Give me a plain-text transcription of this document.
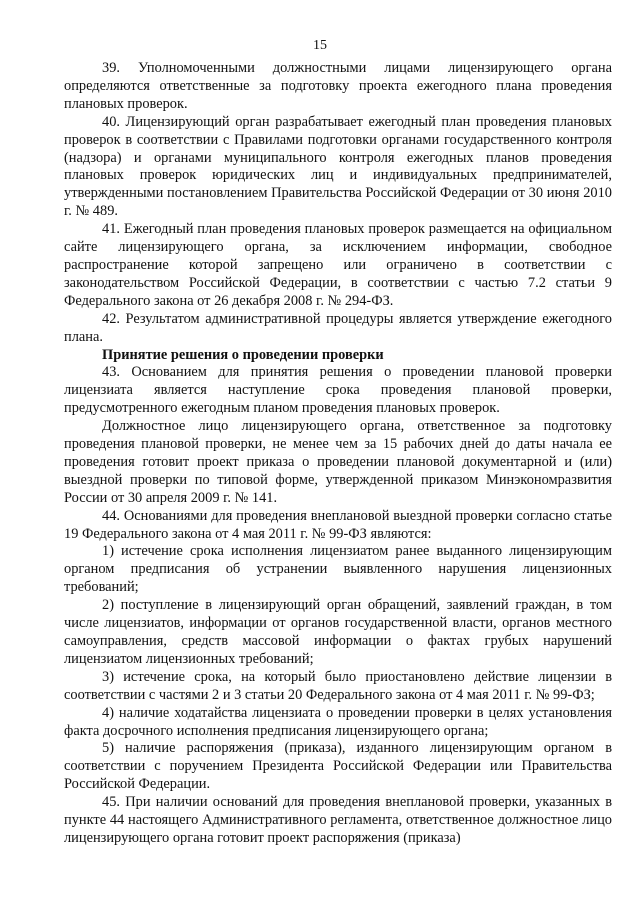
15

39. Уполномоченными должностными лицами лицензирующего органа определяются ответственные за подготовку проекта ежегодного плана проведения плановых проверок.

40. Лицензирующий орган разрабатывает ежегодный план проведения плановых проверок в соответствии с Правилами подготовки органами государственного контроля (надзора) и органами муниципального контроля ежегодных планов проведения плановых проверок юридических лиц и индивидуальных предпринимателей, утвержденными постановлением Правительства Российской Федерации от 30 июня 2010 г. № 489.

41. Ежегодный план проведения плановых проверок размещается на официальном сайте лицензирующего органа, за исключением информации, свободное распространение которой запрещено или ограничено в соответствии с законодательством Российской Федерации, в соответствии с частью 7.2 статьи 9 Федерального закона от 26 декабря 2008 г. № 294-ФЗ.

42. Результатом административной процедуры является утверждение ежегодного плана.

Принятие решения о проведении проверки

43. Основанием для принятия решения о проведении плановой проверки лицензиата является наступление срока проведения плановой проверки, предусмотренного ежегодным планом проведения плановых проверок.

Должностное лицо лицензирующего органа, ответственное за подготовку проведения плановой проверки, не менее чем за 15 рабочих дней до даты начала ее проведения готовит проект приказа о проведении плановой документарной и (или) выездной проверки по типовой форме, утвержденной приказом Минэкономразвития России от 30 апреля 2009 г. № 141.

44. Основаниями для проведения внеплановой выездной проверки согласно статье 19 Федерального закона от 4 мая 2011 г. № 99-ФЗ являются:

1) истечение срока исполнения лицензиатом ранее выданного лицензирующим органом предписания об устранении выявленного нарушения лицензионных требований;

2) поступление в лицензирующий орган обращений, заявлений граждан, в том числе лицензиатов, информации от органов государственной власти, органов местного самоуправления, средств массовой информации о фактах грубых нарушений лицензиатом лицензионных требований;

3) истечение срока, на который было приостановлено действие лицензии в соответствии с частями 2 и 3 статьи 20 Федерального закона от 4 мая 2011 г. № 99-ФЗ;

4) наличие ходатайства лицензиата о проведении проверки в целях установления факта досрочного исполнения предписания лицензирующего органа;

5) наличие распоряжения (приказа), изданного лицензирующим органом в соответствии с поручением Президента Российской Федерации или Правительства Российской Федерации.

45. При наличии оснований для проведения внеплановой проверки, указанных в пункте 44 настоящего Административного регламента, ответственное должностное лицо лицензирующего органа готовит проект распоряжения (приказа)
